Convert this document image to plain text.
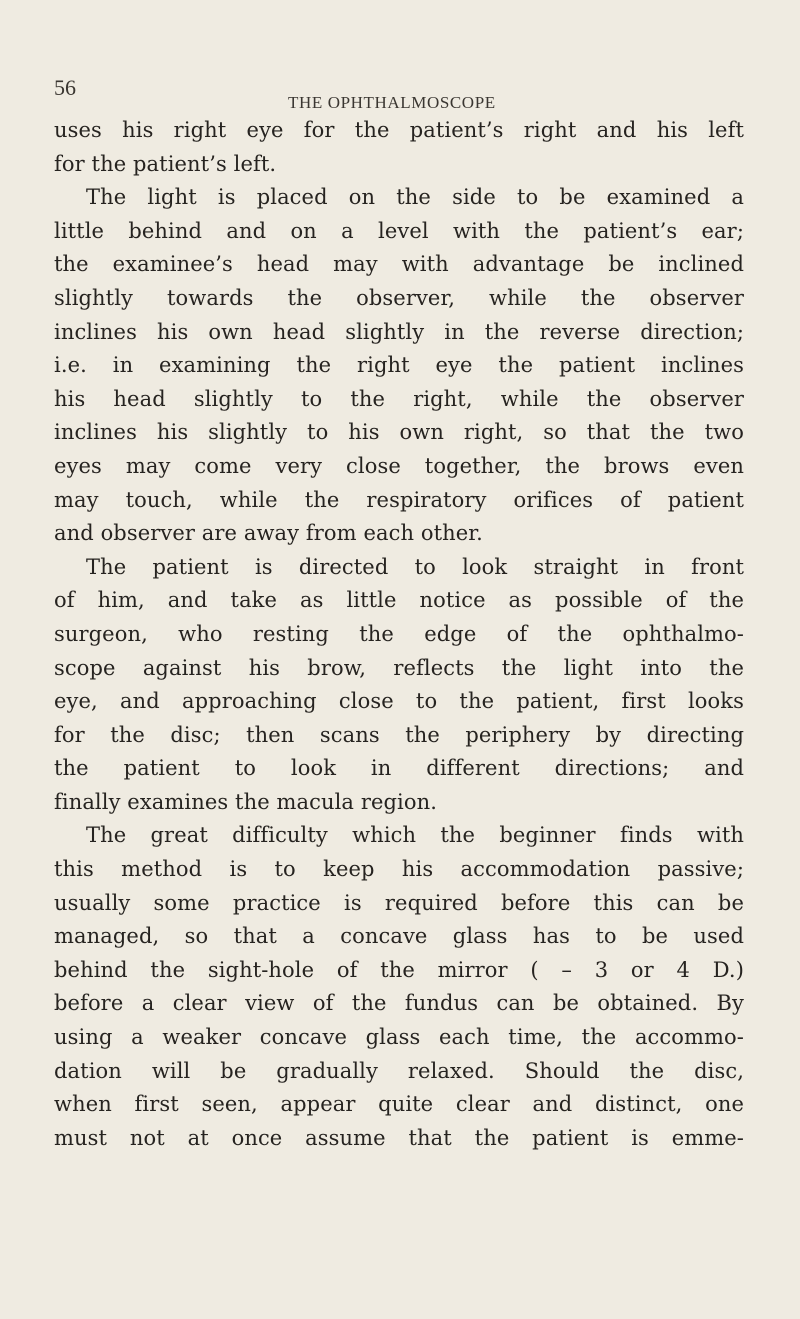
56
THE OPHTHALMOSCOPE
uses his right eye for the patient’s right and his left
for the patient’s left.
The light is placed on the side to be examined a
little behind and on a level with the patient’s ear;
the examinee’s head may with advantage be inclined
slightly towards the observer, while the observer
inclines his own head slightly in the reverse direction;
i.e. in examining the right eye the patient inclines
his head slightly to the right, while the observer
inclines his slightly to his own right, so that the two
eyes may come very close together, the brows even
may touch, while the respiratory orifices of patient
and observer are away from each other.
The patient is directed to look straight in front
of him, and take as little notice as possible of the
surgeon, who resting the edge of the ophthalmo-
scope against his brow, reflects the light into the
eye, and approaching close to the patient, first looks
for the disc; then scans the periphery by directing
the patient to look in different directions; and
finally examines the macula region.
The great difficulty which the beginner finds with
this method is to keep his accommodation passive;
usually some practice is required before this can be
managed, so that a concave glass has to be used
behind the sight-hole of the mirror ( – 3 or 4 D.)
before a clear view of the fundus can be obtained. By
using a weaker concave glass each time, the accommo-
dation will be gradually relaxed. Should the disc,
when first seen, appear quite clear and distinct, one
must not at once assume that the patient is emme-
